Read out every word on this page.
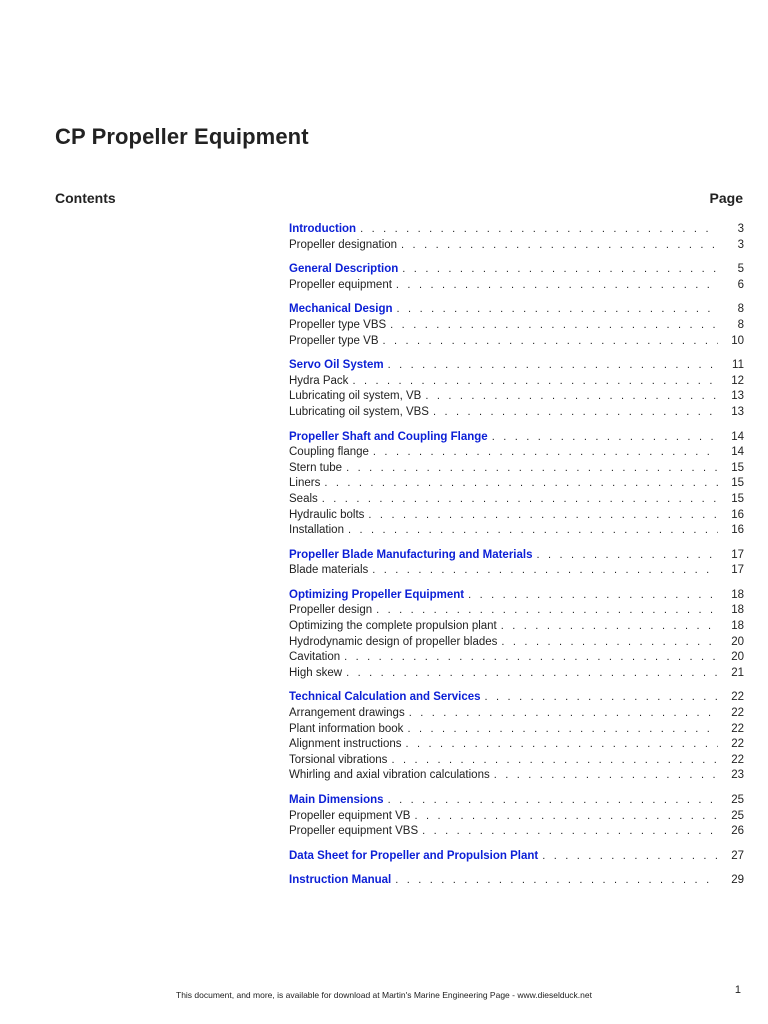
CP Propeller Equipment
Contents	Page
Introduction . . .	3
Propeller designation . . .	3
General Description . . .	5
Propeller equipment . . .	6
Mechanical Design . . .	8
Propeller type VBS . . .	8
Propeller type VB . . .	10
Servo Oil System . . .	11
Hydra Pack . . .	12
Lubricating oil system, VB . . .	13
Lubricating oil system, VBS . . .	13
Propeller Shaft and Coupling Flange . . .	14
Coupling flange . . .	14
Stern tube . . .	15
Liners . . .	15
Seals . . .	15
Hydraulic bolts . . .	16
Installation . . .	16
Propeller Blade Manufacturing and Materials . . .	17
Blade materials . . .	17
Optimizing Propeller Equipment . . .	18
Propeller design . . .	18
Optimizing the complete propulsion plant . . .	18
Hydrodynamic design of propeller blades . . .	20
Cavitation . . .	20
High skew . . .	21
Technical Calculation and Services . . .	22
Arrangement drawings . . .	22
Plant information book . . .	22
Alignment instructions . . .	22
Torsional vibrations . . .	22
Whirling and axial vibration calculations . . .	23
Main Dimensions . . .	25
Propeller equipment VB . . .	25
Propeller equipment VBS . . .	26
Data Sheet for Propeller and Propulsion Plant . . .	27
Instruction Manual . . .	29
This document, and more, is available for download at Martin's Marine Engineering Page - www.dieselduck.net	1
